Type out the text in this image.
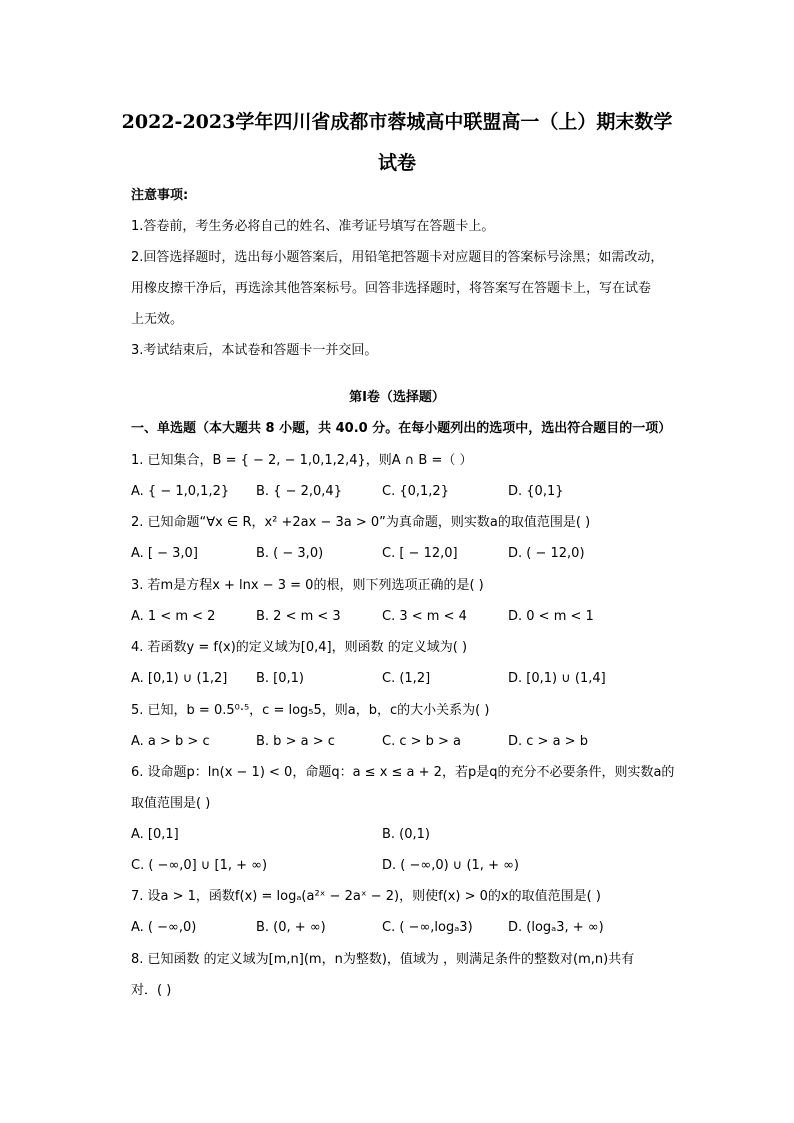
2022-2023学年四川省成都市蓉城高中联盟高一（上）期末数学
试卷
注意事项:
1.答卷前，考生务必将自己的姓名、准考证号填写在答题卡上。
2.回答选择题时，选出每小题答案后，用铅笔把答题卡对应题目的答案标号涂黑；如需改动，
用橡皮擦干净后，再选涂其他答案标号。回答非选择题时，将答案写在答题卡上，写在试卷
上无效。
3.考试结束后，本试卷和答题卡一并交回。
第Ⅰ卷（选择题）
一、单选题（本大题共 8 小题，共 40.0 分。在每小题列出的选项中，选出符合题目的一项）
1. 已知集合，B = { − 2, − 1,0,1,2,4}，则A ∩ B =（ ）
A. { − 1,0,1,2} B. { − 2,0,4}	C. {0,1,2}	D. {0,1}
2. 已知命题“∀x ∈ R，x² +2ax − 3a > 0”为真命题，则实数a的取值范围是( )
A. [ − 3,0]	B. ( − 3,0)	C. [ − 12,0]	D. ( − 12,0)
3. 若m是方程x + lnx − 3 = 0的根，则下列选项正确的是( )
A. 1 < m < 2	B. 2 < m < 3	C. 3 < m < 4	D. 0 < m < 1
4. 若函数y = f(x)的定义域为[0,4]，则函数 的定义域为( )
A. [0,1) ∪ (1,2] B. [0,1)	C. (1,2]	D. [0,1) ∪ (1,4]
5. 已知，b = 0.5⁰·⁵，c = log₅5，则a，b，c的大小关系为( )
A. a > b > c	B. b > a > c	C. c > b > a	D. c > a > b
6. 设命题p：ln(x − 1) < 0，命题q：a ≤ x ≤ a + 2，若p是q的充分不必要条件，则实数a的
取值范围是( )
A. [0,1]	B. (0,1)
C. ( −∞,0] ∪ [1, + ∞)	D. ( −∞,0) ∪ (1, + ∞)
7. 设a > 1，函数f(x) = logₐ(a²ˣ − 2aˣ − 2)，则使f(x) > 0的x的取值范围是( )
A. ( −∞,0)	B. (0, + ∞)	C. ( −∞,logₐ3)	D. (logₐ3, + ∞)
8. 已知函数 的定义域为[m,n](m，n为整数)，值域为 ，则满足条件的整数对(m,n)共有
对．( )
